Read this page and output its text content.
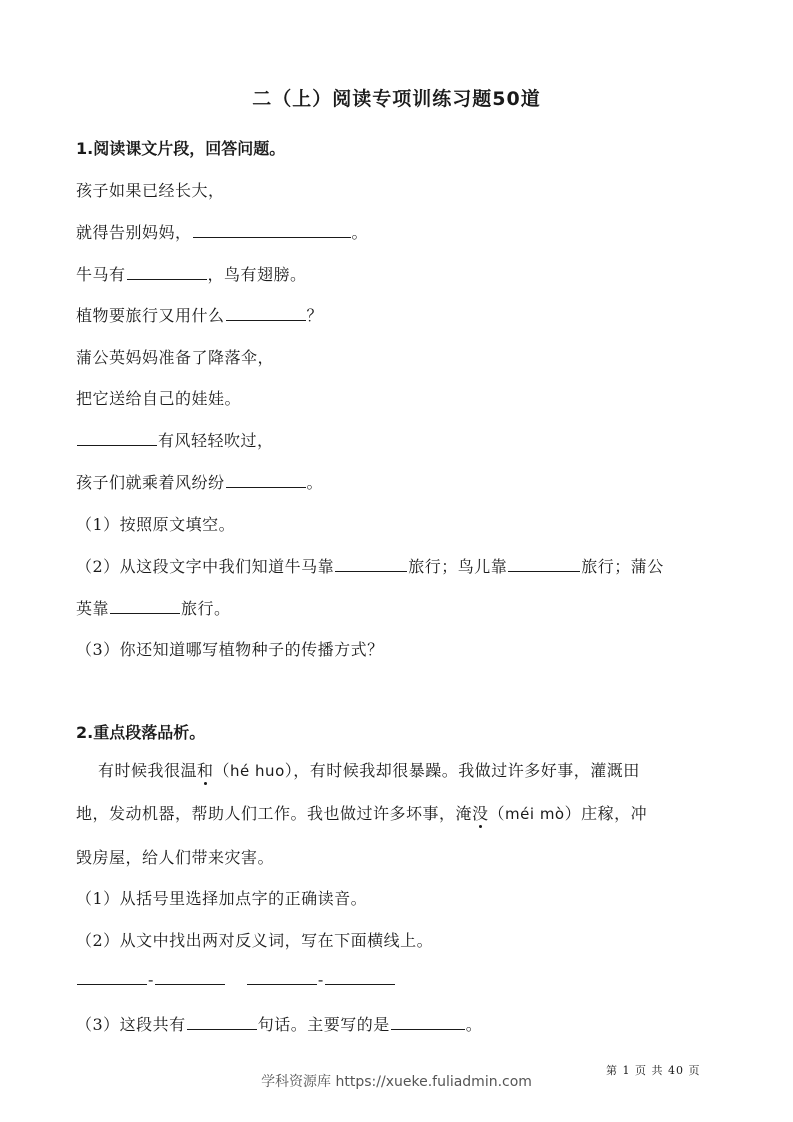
二（上）阅读专项训练习题50道
1.阅读课文片段，回答问题。
孩子如果已经长大，
就得告别妈妈，	。
牛马有	，鸟有翅膀。
植物要旅行又用什么	？
蒲公英妈妈准备了降落伞，
把它送给自己的娃娃。
有风轻轻吹过，
孩子们就乘着风纷纷	。
（1）按照原文填空。
（2）从这段文字中我们知道牛马靠	旅行；鸟儿靠	旅行；蒲公
英靠	旅行。
（3）你还知道哪写植物种子的传播方式？
2.重点段落品析。
有时候我很温和（hé huo），有时候我却很暴躁。我做过许多好事，灌溉田
地，发动机器，帮助人们工作。我也做过许多坏事，淹没（méi mò）庄稼，冲
毁房屋，给人们带来灾害。
（1）从括号里选择加点字的正确读音。
（2）从文中找出两对反义词，写在下面横线上。
-	-
（3）这段共有	句话。主要写的是	。
第 1 页 共 40 页
学科资源库 https://xueke.fuliadmin.com
